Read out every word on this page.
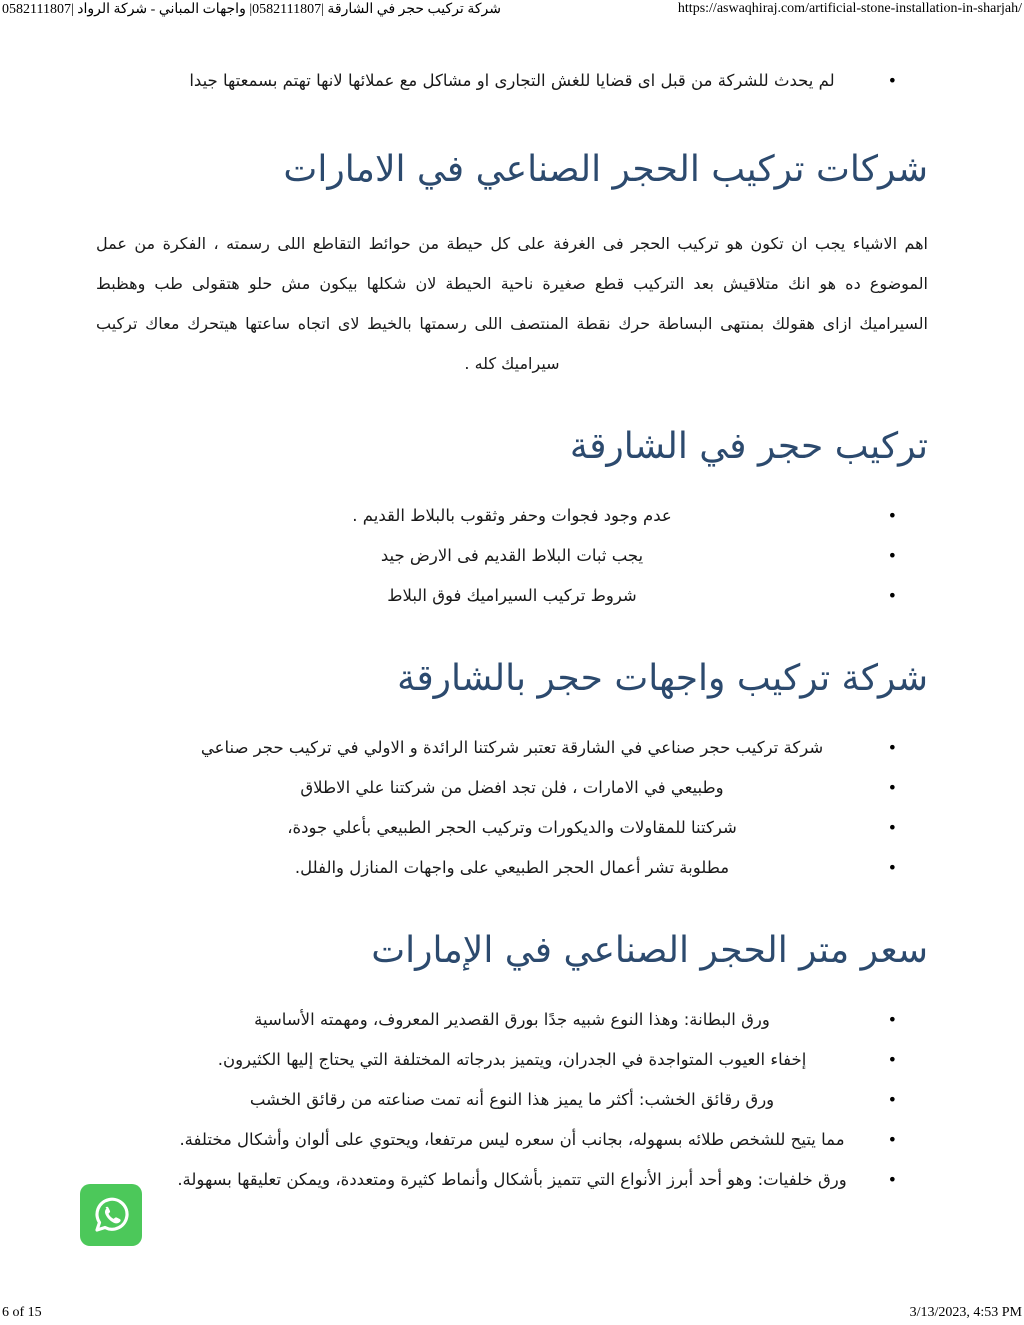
شركة تركيب حجر في الشارقة |0582111807| واجهات المباني - شركة الرواد |0582111807	https://aswaqhiraj.com/artificial-stone-installation-in-sharjah/
•
لم يحدث للشركة من قبل اى قضايا للغش التجارى او مشاكل مع عملائها لانها تهتم بسمعتها جيدا
شركات تركيب الحجر الصناعي في الامارات

اهم الاشياء يجب ان تكون هو تركيب الحجر فى الغرفة على كل حيطة من حوائط التقاطع اللى رسمته ، الفكرة من عمل الموضوع ده هو انك متلاقيش بعد التركيب قطع صغيرة ناحية الحيطة لان شكلها بيكون مش حلو هتقولى طب وهظبط السيراميك ازاى هقولك بمنتهى البساطة حرك نقطة المنتصف اللى رسمتها بالخيط لاى اتجاه ساعتها هيتحرك معاك تركيب سيراميك كله .

تركيب حجر في الشارقة
•
عدم وجود فجوات وحفر وثقوب بالبلاط القديم .
•
يجب ثبات البلاط القديم فى الارض جيد
•
شروط تركيب السيراميك فوق البلاط
شركة تركيب واجهات حجر بالشارقة
•
شركة تركيب حجر صناعي في الشارقة تعتبر شركتنا الرائدة و الاولي في تركيب حجر صناعي
•
وطبيعي في الامارات ، فلن تجد افضل من شركتنا علي الاطلاق
•
شركتنا للمقاولات والديكورات وتركيب الحجر الطبيعي بأعلي جودة،
•
مطلوبة تشر أعمال الحجر الطبيعي على واجهات المنازل والفلل.
سعر متر الحجر الصناعي في الإمارات
•
ورق البطانة: وهذا النوع شبيه جدًا بورق القصدير المعروف، ومهمته الأساسية
•
إخفاء العيوب المتواجدة في الجدران، ويتميز بدرجاته المختلفة التي يحتاج إليها الكثيرون.
•
ورق رقائق الخشب: أكثر ما يميز هذا النوع أنه تمت صناعته من رقائق الخشب
•
مما يتيح للشخص طلائه بسهوله، بجانب أن سعره ليس مرتفعا، ويحتوي على ألوان وأشكال مختلفة.
•
ورق خلفيات: وهو أحد أبرز الأنواع التي تتميز بأشكال وأنماط كثيرة ومتعددة، ويمكن تعليقها بسهولة.
6 of 15	3/13/2023, 4:53 PM
